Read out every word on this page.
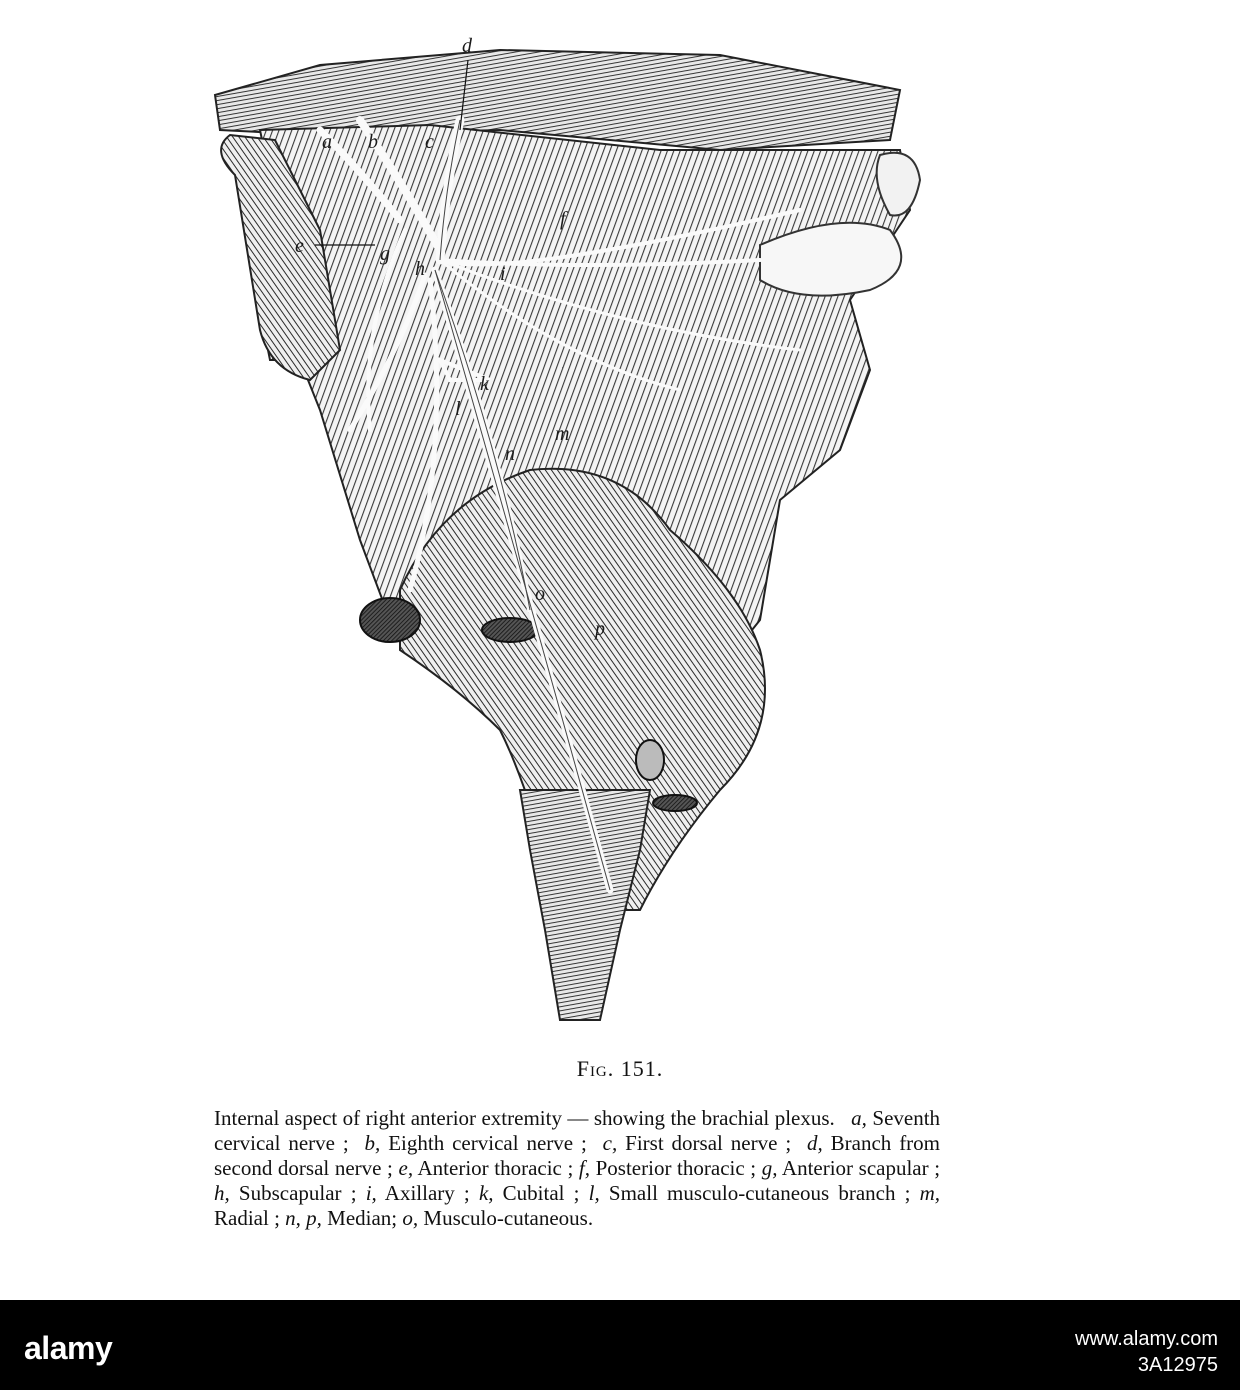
d
c
b
a
e	g
f
k
l
m
n
o
p
i
h
Fig. 151.
Internal aspect of right anterior extremity — showing the brachial plexus. a, Seventh cervical nerve ; b, Eighth cervical nerve ; c, First dorsal nerve ; d, Branch from second dorsal nerve ; e, Anterior thoracic ; f, Posterior thoracic ; g, Anterior scapular ; h, Subscapular ; i, Axillary ; k, Cubital ; l, Small musculo-cutaneous branch ; m, Radial ; n, p, Median; o, Musculo-cutaneous.
alamy	3A12975
www.alamy.com
